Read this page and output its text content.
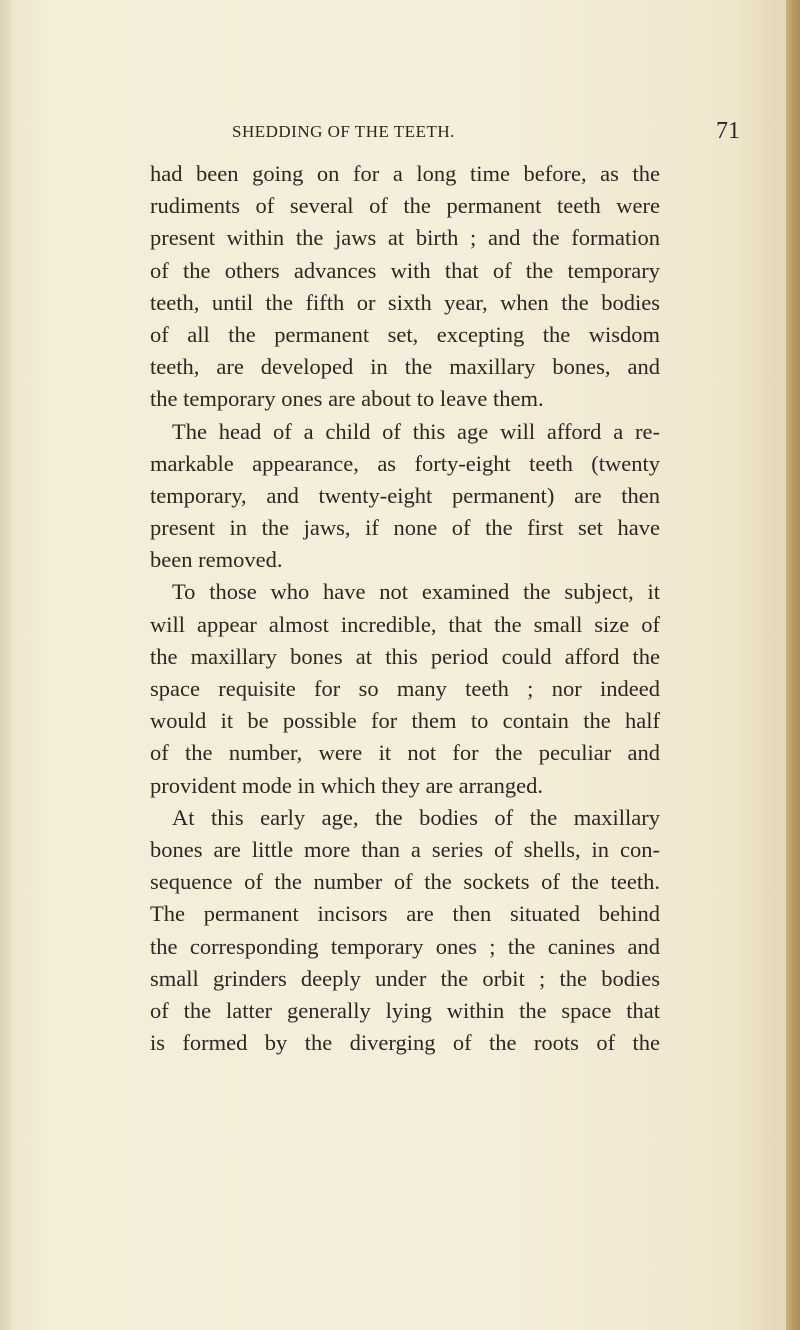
SHEDDING OF THE TEETH.	71
had been going on for a long time before, as the
rudiments of several of the permanent teeth were
present within the jaws at birth ; and the formation
of the others advances with that of the temporary
teeth, until the fifth or sixth year, when the bodies
of all the permanent set, excepting the wisdom
teeth, are developed in the maxillary bones, and
the temporary ones are about to leave them.
The head of a child of this age will afford a re-
markable appearance, as forty-eight teeth (twenty
temporary, and twenty-eight permanent) are then
present in the jaws, if none of the first set have
been removed.
To those who have not examined the subject, it
will appear almost incredible, that the small size of
the maxillary bones at this period could afford the
space requisite for so many teeth ; nor indeed
would it be possible for them to contain the half
of the number, were it not for the peculiar and
provident mode in which they are arranged.
At this early age, the bodies of the maxillary
bones are little more than a series of shells, in con-
sequence of the number of the sockets of the teeth.
The permanent incisors are then situated behind
the corresponding temporary ones ; the canines and
small grinders deeply under the orbit ; the bodies
of the latter generally lying within the space that
is formed by the diverging of the roots of the
